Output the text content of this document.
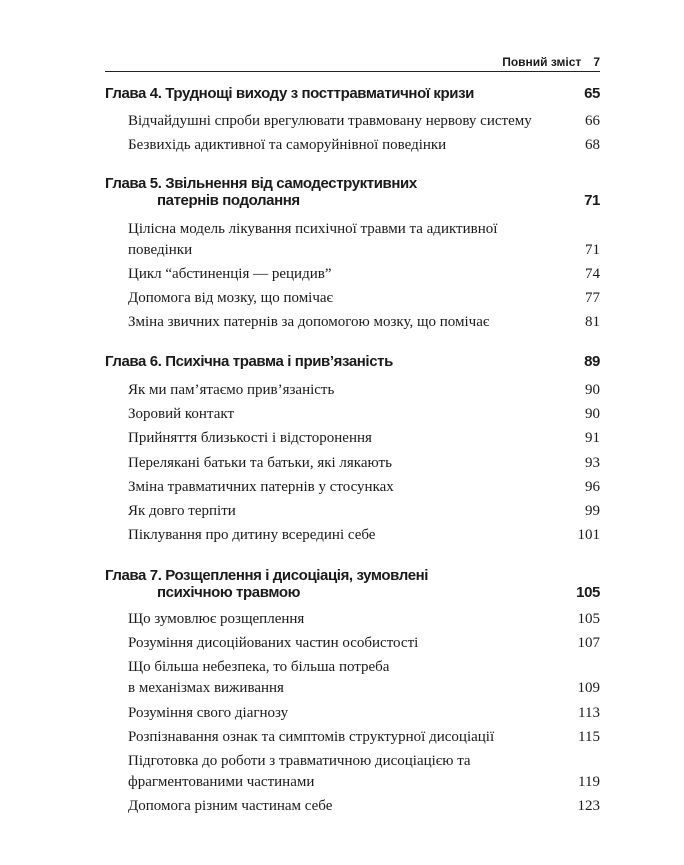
Повний зміст 7
Глава 4. Труднощі виходу з посттравматичної кризи	65
Відчайдушні спроби врегулювати травмовану нервову систему	66
Безвихідь адиктивної та саморуйнівної поведінки	68
Глава 5. Звільнення від самодеструктивних
патернів подолання	71
Цілісна модель лікування психічної травми та адиктивної
поведінки	71
Цикл “абстиненція — рецидив”	74
Допомога від мозку, що помічає	77
Зміна звичних патернів за допомогою мозку, що помічає	81
Глава 6. Психічна травма і прив’язаність	89
Як ми пам’ятаємо прив’язаність	90
Зоровий контакт	90
Прийняття близькості і відсторонення	91
Перелякані батьки та батьки, які лякають	93
Зміна травматичних патернів у стосунках	96
Як довго терпіти	99
Піклування про дитину всередині себе	101
Глава 7. Розщеплення і дисоціація, зумовлені
психічною травмою	105
Що зумовлює розщеплення	105
Розуміння дисоційованих частин особистості	107
Що більша небезпека, то більша потреба
в механізмах виживання	109
Розуміння свого діагнозу	113
Розпізнавання ознак та симптомів структурної дисоціації	115
Підготовка до роботи з травматичною дисоціацією та
фрагментованими частинами	119
Допомога різним частинам себе	123
